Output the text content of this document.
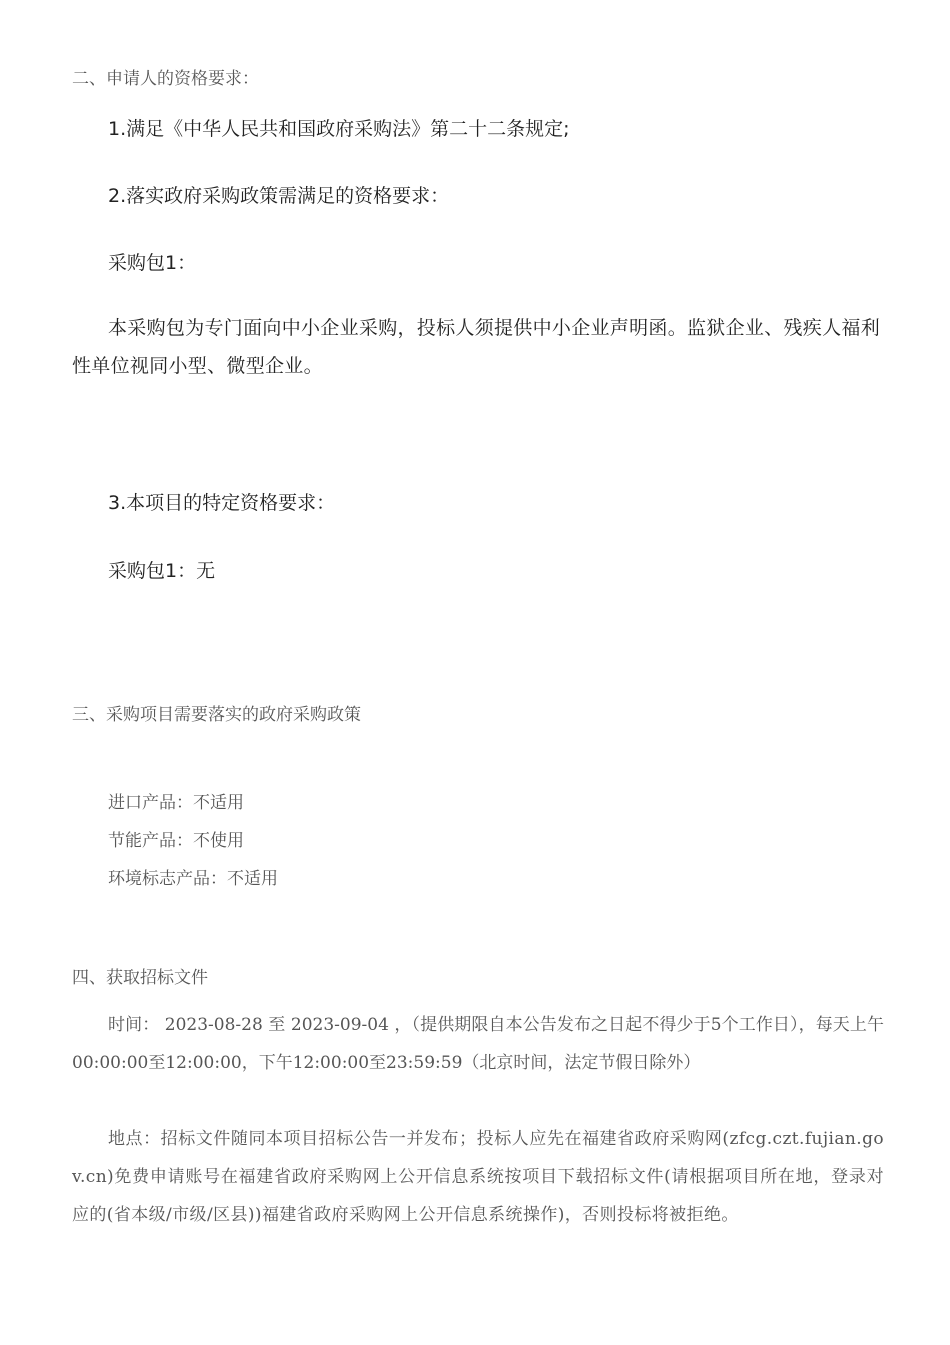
二、申请人的资格要求：

1.满足《中华人民共和国政府采购法》第二十二条规定;

2.落实政府采购政策需满足的资格要求：

采购包1：

本采购包为专门面向中小企业采购，投标人须提供中小企业声明函。监狱企业、残疾人福利性单位视同小型、微型企业。

3.本项目的特定资格要求：

采购包1：无

三、采购项目需要落实的政府采购政策

进口产品：不适用

节能产品：不使用

环境标志产品：不适用

四、获取招标文件

时间： 2023-08-28 至 2023-09-04 ，（提供期限自本公告发布之日起不得少于5个工作日），每天上午00:00:00至12:00:00，下午12:00:00至23:59:59（北京时间，法定节假日除外）

地点：招标文件随同本项目招标公告一并发布；投标人应先在福建省政府采购网(zfcg.czt.fujian.gov.cn)免费申请账号在福建省政府采购网上公开信息系统按项目下载招标文件(请根据项目所在地，登录对应的(省本级/市级/区县))福建省政府采购网上公开信息系统操作)，否则投标将被拒绝。
